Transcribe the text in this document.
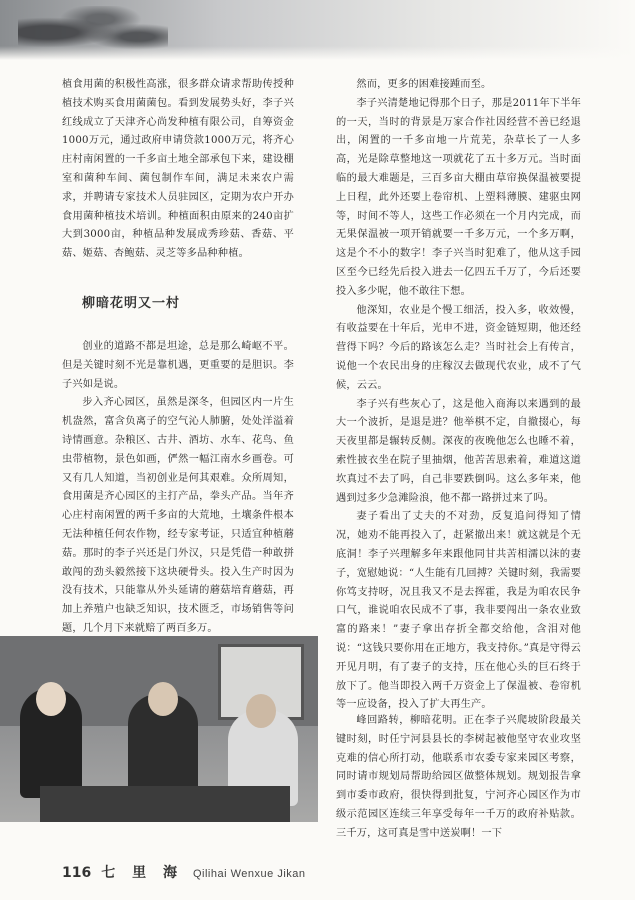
植食用菌的积极性高涨，很多群众请求帮助传授种植技术购买食用菌菌包。看到发展势头好，李子兴红线成立了天津齐心尚发种植有限公司，自筹资金1000万元，通过政府申请贷款1000万元，将齐心庄村南闲置的一千多亩土地全部承包下来，建设棚室和菌种车间、菌包制作车间，满足未来农户需求，并聘请专家技术人员驻园区，定期为农户开办食用菌种植技术培训。种植面积由原来的240亩扩大到3000亩，种植品种发展成秀珍菇、香菇、平菇、姬菇、杏鲍菇、灵芝等多品种种植。

柳暗花明又一村

创业的道路不都是坦途，总是那么崎岖不平。但是关键时刻不光是靠机遇，更重要的是胆识。李子兴如是说。

步入齐心园区，虽然是深冬，但园区内一片生机盎然，富含负离子的空气沁人肺腑，处处洋溢着诗情画意。杂粮区、古井、酒坊、水车、花鸟、鱼虫带植物，景色如画，俨然一幅江南水乡画卷。可又有几人知道，当初创业是何其艰难。众所周知，食用菌是齐心园区的主打产品，拳头产品。当年齐心庄村南闲置的两千多亩的大荒地，土壤条件根本无法种植任何农作物，经专家考证，只适宜种植蘑菇。那时的李子兴还是门外汉，只是凭借一种敢拼敢闯的劲头毅然接下这块硬骨头。投入生产时因为没有技术，只能靠从外头延请的蘑菇培育蘑菇，再加上养殖户也缺乏知识，技术匮乏，市场销售等问题，几个月下来就赔了两百多万。

然而，更多的困难接踵而至。

李子兴清楚地记得那个日子，那是2011年下半年的一天，当时的背景是万家合作社因经营不善已经退出，闲置的一千多亩地一片荒芜，杂草长了一人多高，光是除草整地这一项就花了五十多万元。当时面临的最大难题是，三百多亩大棚由草帘换保温被要提上日程，此外还要上卷帘机、上塑料薄膜、建驱虫网等，时间不等人，这些工作必须在一个月内完成，而无果保温被一项开销就要一千多万元，一个多万啊，这是个不小的数字！李子兴当时犯难了，他从这手园区至今已经先后投入进去一亿四五千万了，今后还要投入多少呢，他不敢往下想。

他深知，农业是个慢工细活，投入多，收效慢，有收益要在十年后，光申不进，资金链短期，他还经营得下吗？今后的路该怎么走？当时社会上有传言，说他一个农民出身的庄稼汉去做现代农业，成不了气候，云云。

李子兴有些灰心了，这是他入商海以来遇到的最大一个波折，是退是进？他举棋不定，自撤掇心，每天夜里都是辗转反侧。深夜的夜晚他怎么也睡不着，索性披衣坐在院子里抽烟，他苦苦思索着，难道这道坎真过不去了吗，自己非要跌倒吗。这么多年来，他遇到过多少急滩险浪，他不都一路拼过来了吗。

妻子看出了丈夫的不对劲，反复追问得知了情况，她劝不能再投入了，赶紧撤出来！就这就是个无底洞！李子兴理解多年来跟他同甘共苦相濡以沫的妻子，宽慰她说：“人生能有几回搏？关键时刻，我需要你笃支持呀，况且我又不是去挥霍，我是为咱农民争口气，谁说咱农民成不了事，我非要闯出一条农业致富的路来！”妻子拿出存折全都交给他，含泪对他说：“这钱只要你用在正地方，我支持你。”真是守得云开见月明，有了妻子的支持，压在他心头的巨石终于放下了。他当即投入两千万资金上了保温被、卷帘机等一应设备，投入了扩大再生产。

峰回路转，柳暗花明。正在李子兴爬坡阶段最关键时刻，时任宁河县县长的李树起被他坚守农业攻坚克难的信心所打动，他联系市农委专家来园区考察，同时请市规划局帮助给园区做整体规划。规划报告拿到市委市政府，很快得到批复，宁河齐心园区作为市级示范园区连续三年享受每年一千万的政府补贴款。三千万，这可真是雪中送炭啊！一下

116 七 里 海 Qilihai Wenxue Jikan
